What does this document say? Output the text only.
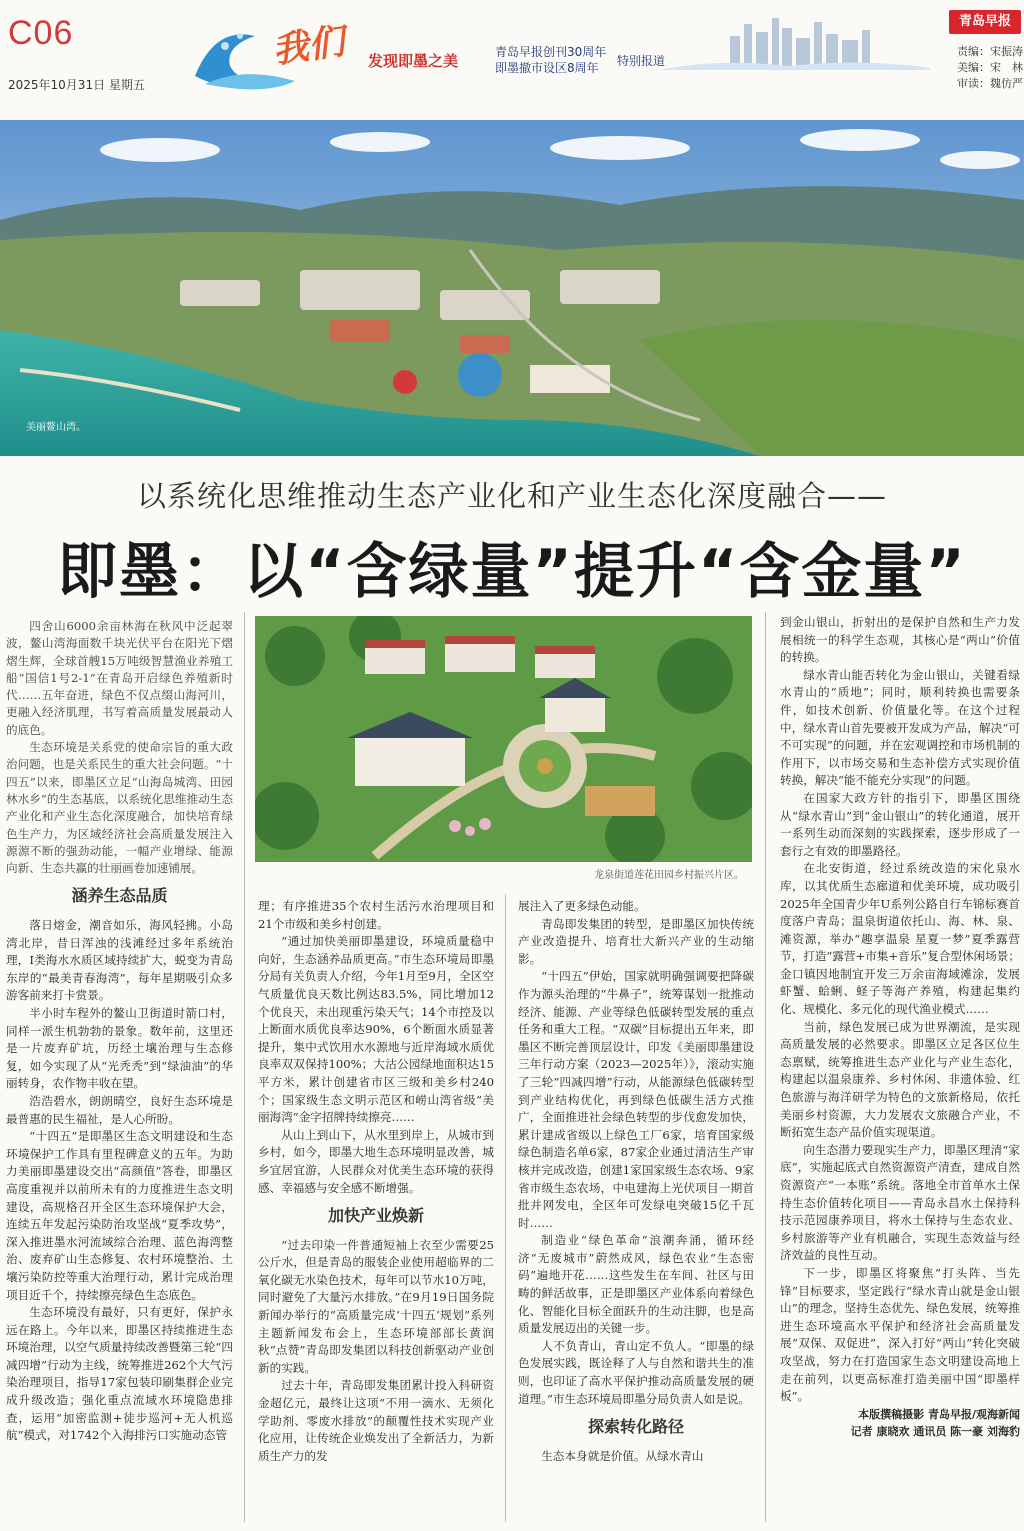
C06
2025年10月31日 星期五
我们 发现即墨之美	青岛早报创刊30周年
即墨撤市设区8周年	特别报道
青岛早报
责编：宋振涛
美编：宋　林
审读：魏仿严
美丽鳌山湾。
以系统化思维推动生态产业化和产业生态化深度融合——
即墨：以“含绿量”提升“含金量”

四舍山6000余亩林海在秋风中泛起翠波，鳌山湾海面数千块光伏平台在阳光下熠熠生辉，全球首艘15万吨级智慧渔业养殖工船“国信1号2-1”在青岛开启绿色养殖新时代……五年奋进，绿色不仅点缀山海河川，更融入经济肌理，书写着高质量发展最动人的底色。

生态环境是关系党的使命宗旨的重大政治问题，也是关系民生的重大社会问题。“十四五”以来，即墨区立足“山海岛城湾、田园林水乡”的生态基底，以系统化思维推动生态产业化和产业生态化深度融合，加快培育绿色生产力，为区域经济社会高质量发展注入源源不断的强劲动能，一幅产业增绿、能源向新、生态共赢的壮丽画卷加速铺展。

涵养生态品质

落日熔金，潮音如乐，海风轻拂。小岛湾北岸，昔日浑浊的浅滩经过多年系统治理，I类海水水质区域持续扩大，蜕变为青岛东岸的“最美青春海湾”，每年星期吸引众多游客前来打卡赏景。

半小时车程外的鳌山卫街道时箭口村，同样一派生机勃勃的景象。数年前，这里还是一片废弃矿坑，历经土壤治理与生态修复，如今实现了从“光秃秃”到“绿油油”的华丽转身，农作物丰收在望。

浩浩碧水，朗朗晴空，良好生态环境是最普惠的民生福祉，是人心所盼。

“十四五”是即墨区生态文明建设和生态环境保护工作具有里程碑意义的五年。为助力美丽即墨建设交出“高颜值”答卷，即墨区高度重视并以前所未有的力度推进生态文明建设，高规格召开全区生态环境保护大会，连续五年发起污染防治攻坚战“夏季攻势”，深入推进墨水河流域综合治理、蓝色海湾整治、废弃矿山生态修复、农村环境整治、土壤污染防控等重大治理行动，累计完成治理项目近千个，持续擦亮绿色生态底色。

生态环境没有最好，只有更好，保护永远在路上。今年以来，即墨区持续推进生态环境治理，以空气质量持续改善暨第三轮“四减四增”行动为主线，统筹推进262个大气污染治理项目，指导17家包装印刷集群企业完成升级改造；强化重点流域水环境隐患排查，运用“加密监测+徒步巡河+无人机巡航”模式，对1742个入海排污口实施动态管

龙泉街道莲花田园乡村振兴片区。

理；有序推进35个农村生活污水治理项目和21个市级和美乡村创建。

“通过加快美丽即墨建设，环境质量稳中向好，生态涵养品质更高。”市生态环境局即墨分局有关负责人介绍，今年1月至9月，全区空气质量优良天数比例达83.5%，同比增加12个优良天，未出现重污染天气；14个市控及以上断面水质优良率达90%，6个断面水质显著提升，集中式饮用水水源地与近岸海域水质优良率双双保持100%；大沽公园绿地面积达15平方米，累计创建省市区三级和美乡村240个；国家级生态文明示范区和崂山湾省级“美丽海湾”金字招牌持续擦亮……

从山上到山下，从水里到岸上，从城市到乡村，如今，即墨大地生态环境明显改善，城乡宜居宜游，人民群众对优美生态环境的获得感、幸福感与安全感不断增强。

加快产业焕新

“过去印染一件普通短袖上衣至少需要25公斤水，但是青岛的服装企业使用超临界的二氧化碳无水染色技术，每年可以节水10万吨，同时避免了大量污水排放。”在9月19日国务院新闻办举行的“高质量完成‘十四五’规划”系列主题新闻发布会上，生态环境部部长黄润秋“点赞”青岛即发集团以科技创新驱动产业创新的实践。

过去十年，青岛即发集团累计投入科研资金超亿元，最终让这项“不用一滴水、无须化学助剂、零废水排放”的颠覆性技术实现产业化应用，让传统企业焕发出了全新活力，为新质生产力的发

展注入了更多绿色动能。

青岛即发集团的转型，是即墨区加快传统产业改造提升、培育壮大新兴产业的生动缩影。

“十四五”伊始，国家就明确强调要把降碳作为源头治理的“牛鼻子”，统筹谋划一批推动经济、能源、产业等绿色低碳转型发展的重点任务和重大工程。“双碳”目标提出五年来，即墨区不断完善顶层设计，印发《美丽即墨建设三年行动方案（2023—2025年）》，滚动实施了三轮“四减四增”行动，从能源绿色低碳转型到产业结构优化，再到绿色低碳生活方式推广，全面推进社会绿色转型的步伐愈发加快，累计建成省级以上绿色工厂6家，培育国家级绿色制造名单6家，87家企业通过清洁生产审核并完成改造，创建1家国家级生态农场、9家省市级生态农场，中电建海上光伏项目一期首批并网发电，全区年可发绿电突破15亿千瓦时……

制造业“绿色革命”浪潮奔涌，循环经济“无废城市”蔚然成风，绿色农业“生态密码”遍地开花……这些发生在车间、社区与田畴的鲜活故事，正是即墨区产业体系向着绿色化、智能化目标全面跃升的生动注脚，也是高质量发展迈出的关键一步。

人不负青山，青山定不负人。“即墨的绿色发展实践，既诠释了人与自然和谐共生的准则，也印证了高水平保护推动高质量发展的硬道理。”市生态环境局即墨分局负责人如是说。

探索转化路径

生态本身就是价值。从绿水青山

到金山银山，折射出的是保护自然和生产力发展相统一的科学生态观，其核心是“两山”价值的转换。

绿水青山能否转化为金山银山，关键看绿水青山的“质地”；同时，顺利转换也需要条件，如技术创新、价值量化等。在这个过程中，绿水青山首先要被开发成为产品，解决“可不可实现”的问题，并在宏观调控和市场机制的作用下，以市场交易和生态补偿方式实现价值转换，解决“能不能充分实现”的问题。

在国家大政方针的指引下，即墨区围绕从“绿水青山”到“金山银山”的转化通道，展开一系列生动而深刻的实践探索，逐步形成了一套行之有效的即墨路径。

在北安街道，经过系统改造的宋化泉水库，以其优质生态廊道和优美环境，成功吸引2025年全国青少年U系列公路自行车锦标赛首度落户青岛；温泉街道依托山、海、林、泉、滩资源，举办“趣享温泉 星夏一梦”夏季露营节，打造“露营+市集+音乐”复合型休闲场景；金口镇因地制宜开发三万余亩海域滩涂，发展虾蟹、蛤蜊、蛏子等海产养殖，构建起集约化、规模化、多元化的现代渔业模式……

当前，绿色发展已成为世界潮流，是实现高质量发展的必然要求。即墨区立足各区位生态禀赋，统筹推进生态产业化与产业生态化，构建起以温泉康养、乡村休闲、非遗体验、红色旅游与海洋研学为特色的文旅新格局，依托美丽乡村资源，大力发展农文旅融合产业，不断拓宽生态产品价值实现渠道。

向生态潜力要现实生产力，即墨区理清“家底”，实施起底式自然资源资产清查，建成自然资源资产“一本账”系统。落地全市首单水土保持生态价值转化项目——青岛永昌水土保持科技示范园康养项目，将水土保持与生态农业、乡村旅游等产业有机融合，实现生态效益与经济效益的良性互动。

下一步，即墨区将聚焦“打头阵、当先锋”目标要求，坚定践行“绿水青山就是金山银山”的理念，坚持生态优先、绿色发展，统筹推进生态环境高水平保护和经济社会高质量发展“双保、双促进”，深入打好“两山”转化突破攻坚战，努力在打造国家生态文明建设高地上走在前列，以更高标准打造美丽中国“即墨样板”。

本版撰稿摄影 青岛早报/观海新闻
记者 康晓欢 通讯员 陈一豪 刘海豹
